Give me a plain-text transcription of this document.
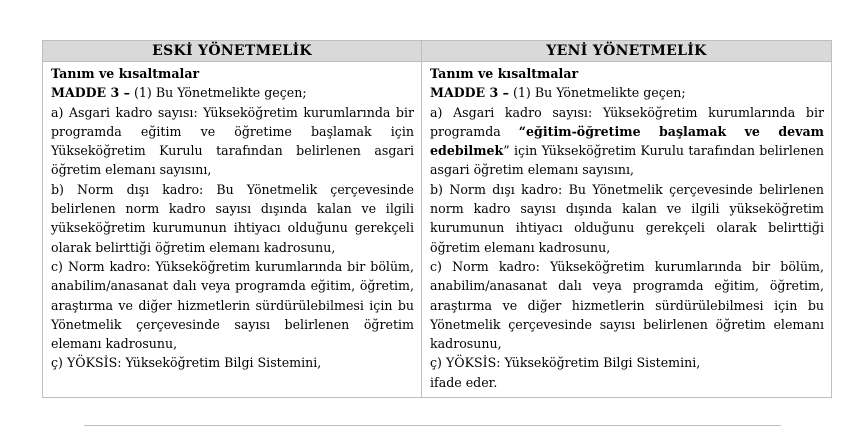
ESKİ YÖNETMELİK	YENİ YÖNETMELİK

Tanım ve kısaltmalar

MADDE 3 – (1) Bu Yönetmelikte geçen;

a) Asgari kadro sayısı: Yükseköğretim kurumlarında bir programda eğitim ve öğretime başlamak için Yükseköğretim Kurulu tarafından belirlenen asgari öğretim elemanı sayısını,

b) Norm dışı kadro: Bu Yönetmelik çerçevesinde belirlenen norm kadro sayısı dışında kalan ve ilgili yükseköğretim kurumunun ihtiyacı olduğunu gerekçeli olarak belirttiği öğretim elemanı kadrosunu,

c) Norm kadro: Yükseköğretim kurumlarında bir bölüm, anabilim/anasanat dalı veya programda eğitim, öğretim, araştırma ve diğer hizmetlerin sürdürülebilmesi için bu Yönetmelik çerçevesinde sayısı belirlenen öğretim elemanı kadrosunu,

ç) YÖKSİS: Yükseköğretim Bilgi Sistemini,

Tanım ve kısaltmalar

MADDE 3 – (1) Bu Yönetmelikte geçen;

a) Asgari kadro sayısı: Yükseköğretim kurumlarında bir programda “eğitim-öğretime başlamak ve devam edebilmek” için Yükseköğretim Kurulu tarafından belirlenen asgari öğretim elemanı sayısını,

b) Norm dışı kadro: Bu Yönetmelik çerçevesinde belirlenen norm kadro sayısı dışında kalan ve ilgili yükseköğretim kurumunun ihtiyacı olduğunu gerekçeli olarak belirttiği öğretim elemanı kadrosunu,

c) Norm kadro: Yükseköğretim kurumlarında bir bölüm, anabilim/anasanat dalı veya programda eğitim, öğretim, araştırma ve diğer hizmetlerin sürdürülebilmesi için bu Yönetmelik çerçevesinde sayısı belirlenen öğretim elemanı kadrosunu,

ç) YÖKSİS: Yükseköğretim Bilgi Sistemini,

ifade eder.
